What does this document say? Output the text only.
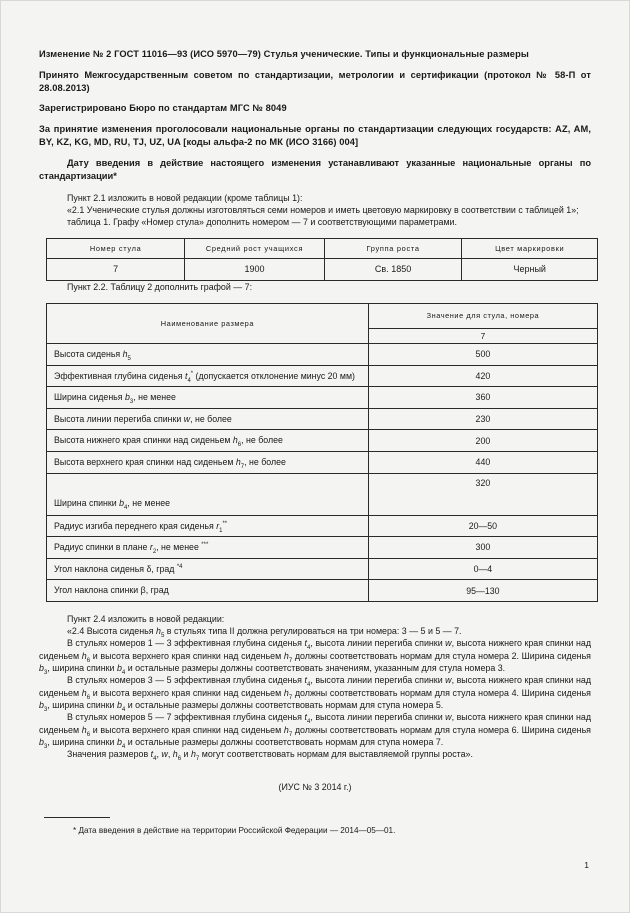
Изменение № 2 ГОСТ 11016—93 (ИСО 5970—79) Стулья ученические. Типы и функциональные размеры
Принято Межгосударственным советом по стандартизации, метрологии и сертификации (протокол № 58-П от 28.08.2013)
Зарегистрировано Бюро по стандартам МГС № 8049
За принятие изменения проголосовали национальные органы по стандартизации следующих государств: AZ, AM, BY, KZ, KG, MD, RU, TJ, UZ, UA [коды альфа-2 по МК (ИСО 3166) 004]
Дату введения в действие настоящего изменения устанавливают указанные национальные органы по стандартизации*

Пункт 2.1 изложить в новой редакции (кроме таблицы 1):

«2.1 Ученические стулья должны изготовляться семи номеров и иметь цветовую маркировку в соответствии с таблицей 1»;

таблица 1. Графу «Номер стула» дополнить номером — 7 и соответствующими параметрами.

Номер стула	Средний рост учащихся	Группа роста	Цвет маркировки
7	1900	Св. 1850	Черный

Пункт 2.2. Таблицу 2 дополнить графой — 7:

Наименование размера	Значение для стула, номера
	7
Высота сиденья $h_5$	500
Эффективная глубина сиденья $t_4^*$ (допускается отклонение минус 20 мм)	420
Ширина сиденья $b_3$, не менее	360
Высота линии перегиба спинки w, не более	230
Высота нижнего края спинки над сиденьем $h_6$, не более	200
Высота верхнего края спинки над сиденьем $h_7$, не более	440
Ширина спинки $b_4$, не менее	320
Радиус изгиба переднего края сиденья $r_1^{**}$	20—50
Радиус спинки в плане $r_2$, не менее ***	300
Угол наклона сиденья δ, град $^{*4}$	0—4
Угол наклона спинки β, град	95—130

Пункт 2.4 изложить в новой редакции:

«2.4 Высота сиденья $h_5$ в стульях типа II должна регулироваться на три номера: 3 — 5 и 5 — 7.

В стульях номеров 1 — 3 эффективная глубина сиденья $t_4$, высота линии перегиба спинки w, высота нижнего края спинки над сиденьем $h_6$ и высота верхнего края спинки над сиденьем $h_7$ должны соответствовать нормам для стула номера 2. Ширина сиденья $b_3$, ширина спинки $b_4$ и остальные размеры должны соответствовать значениям, указанным для стула номера 3.

В стульях номеров 3 — 5 эффективная глубина сиденья $t_4$, высота линии перегиба спинки w, высота нижнего края спинки над сиденьем $h_6$ и высота верхнего края спинки над сиденьем $h_7$ должны соответствовать нормам для стула номера 4. Ширина сиденья $b_3$, ширина спинки $b_4$ и остальные размеры должны соответствовать нормам для ступа номера 5.

В стульях номеров 5 — 7 эффективная глубина сиденья $t_4$, высота линии перегиба спинки w, высота нижнего края спинки над сиденьем $h_6$ и высота верхнего края спинки над сиденьем $h_7$ должны соответствовать нормам для стула номера 6. Ширина сиденья $b_3$, ширина спинки $b_4$ и остальные размеры должны соответствовать нормам для ступа номера 7.

Значения размеров $t_4$, w, $h_6$ и $h_7$ могут соответствовать нормам для выставляемой группы роста».

(ИУС № 3 2014 г.)
* Дата введения в действие на территории Российской Федерации — 2014—05—01.
1
